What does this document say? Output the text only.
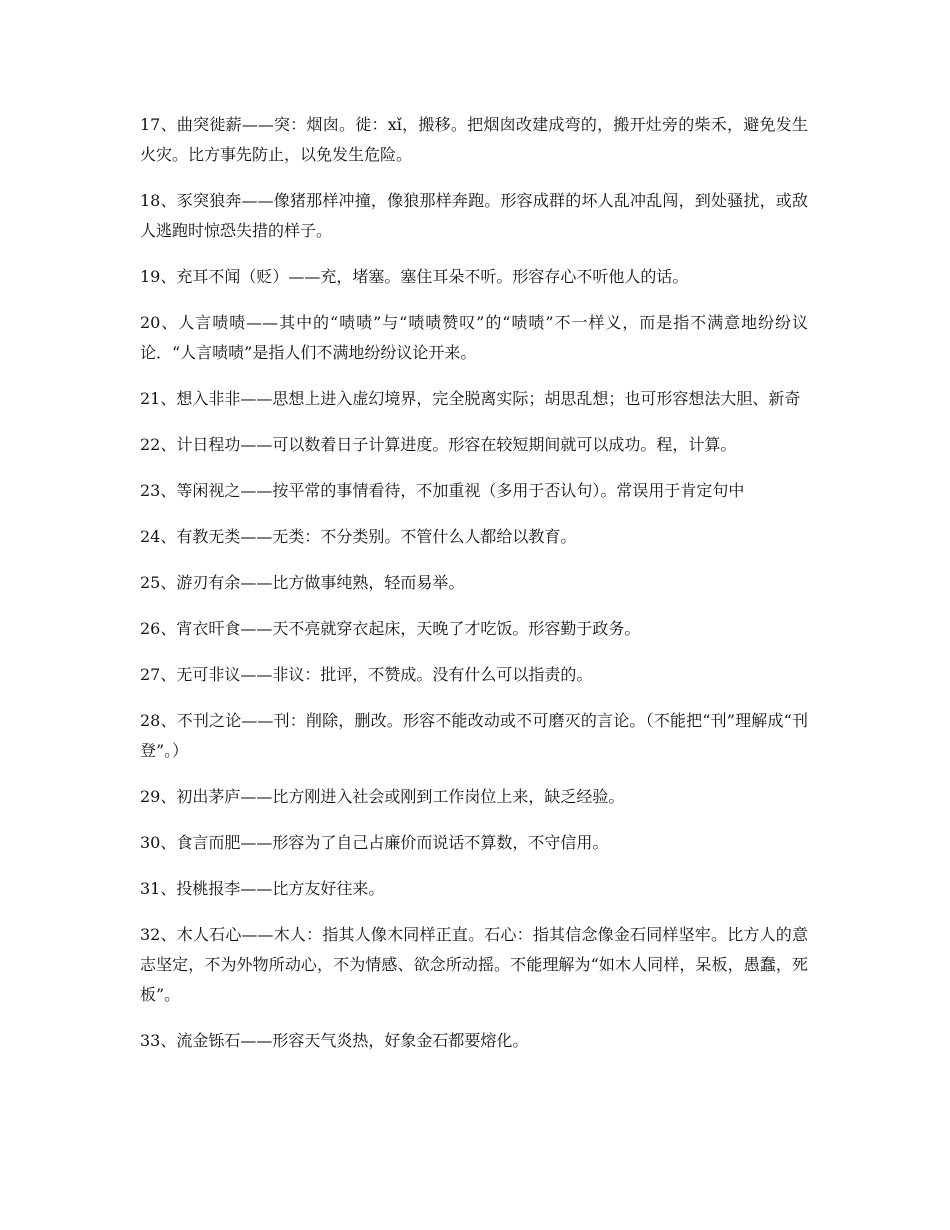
17、曲突徙薪——突：烟囱。徙：xǐ，搬移。把烟囱改建成弯的，搬开灶旁的柴禾，避免发生火灾。比方事先防止，以免发生危险。

18、豕突狼奔——像猪那样冲撞，像狼那样奔跑。形容成群的坏人乱冲乱闯，到处骚扰，或敌人逃跑时惊恐失措的样子。

19、充耳不闻（贬）——充，堵塞。塞住耳朵不听。形容存心不听他人的话。

20、人言啧啧——其中的“啧啧”与“啧啧赞叹”的“啧啧”不一样义，而是指不满意地纷纷议论．“人言啧啧”是指人们不满地纷纷议论开来。

21、想入非非——思想上进入虚幻境界，完全脱离实际；胡思乱想；也可形容想法大胆、新奇

22、计日程功——可以数着日子计算进度。形容在较短期间就可以成功。程，计算。

23、等闲视之——按平常的事情看待，不加重视（多用于否认句）。常误用于肯定句中

24、有教无类——无类：不分类别。不管什么人都给以教育。

25、游刃有余——比方做事纯熟，轻而易举。

26、宵衣旰食——天不亮就穿衣起床，天晚了才吃饭。形容勤于政务。

27、无可非议——非议：批评，不赞成。没有什么可以指责的。

28、不刊之论——刊：削除，删改。形容不能改动或不可磨灭的言论。（不能把“刊”理解成“刊登”。）

29、初出茅庐——比方刚进入社会或刚到工作岗位上来，缺乏经验。

30、食言而肥——形容为了自己占廉价而说话不算数，不守信用。

31、投桃报李——比方友好往来。

32、木人石心——木人：指其人像木同样正直。石心：指其信念像金石同样坚牢。比方人的意志坚定，不为外物所动心，不为情感、欲念所动摇。不能理解为“如木人同样，呆板，愚蠢，死板”。

33、流金铄石——形容天气炎热，好象金石都要熔化。
